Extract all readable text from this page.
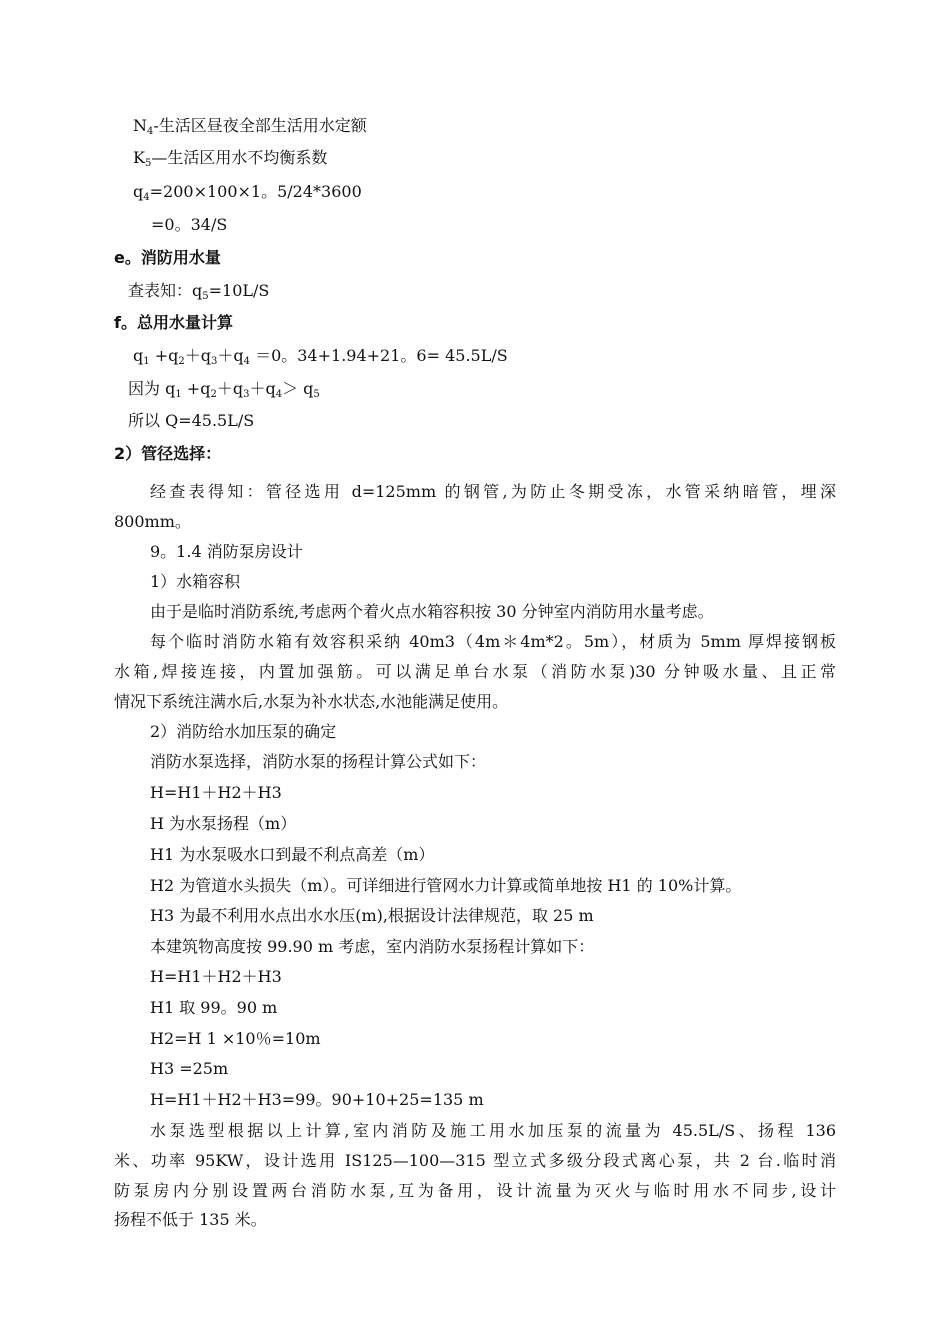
$N_4-$生活区昼夜全部生活用水定额
$K_5—$生活区用水不均衡系数
$q_4=200\times 100\times 1$。5/24*3600
=0。34/S
e。消防用水量
查表知：$q_5=10L/S$
f。总用水量计算
$q_1 +q_2+q_3+q_4 =0$。34+1.94+21。6= 45.5L/S
因为 $q_1 +q_2+q_3+q_4> q_5$
所以 Q=45.5L/S
2）管径选择：
经查表得知：管径选用 d=125mm 的钢管,为防止冬期受冻，水管采纳暗管，埋深
800mm。
9。1.4 消防泵房设计
1）水箱容积
由于是临时消防系统,考虑两个着火点水箱容积按 30 分钟室内消防用水量考虑。
每个临时消防水箱有效容积采纳 40m3（4m＊4m*2。5m），材质为 5mm 厚焊接钢板
水箱,焊接连接，内置加强筋。可以满足单台水泵（消防水泵)30 分钟吸水量、且正常
情况下系统注满水后,水泵为补水状态,水池能满足使用。
2）消防给水加压泵的确定
消防水泵选择，消防水泵的扬程计算公式如下：
H=H1＋H2＋H3
H 为水泵扬程（m）
H1 为水泵吸水口到最不利点高差（m）
H2 为管道水头损失（m）。可详细进行管网水力计算或简单地按 H1 的 10%计算。
H3 为最不利用水点出水水压(m),根据设计法律规范，取 25 m
本建筑物高度按 99.90 m 考虑，室内消防水泵扬程计算如下：
H=H1＋H2＋H3
H1 取 99。90 m
H2=H 1 ×10％=10m
H3 =25m
H=H1＋H2＋H3=99。90+10+25=135 m
水泵选型根据以上计算,室内消防及施工用水加压泵的流量为 45.5L/S、扬程 136
米、功率 95KW，设计选用 IS125—100—315 型立式多级分段式离心泵，共 2 台.临时消
防泵房内分别设置两台消防水泵,互为备用，设计流量为灭火与临时用水不同步,设计
扬程不低于 135 米。
